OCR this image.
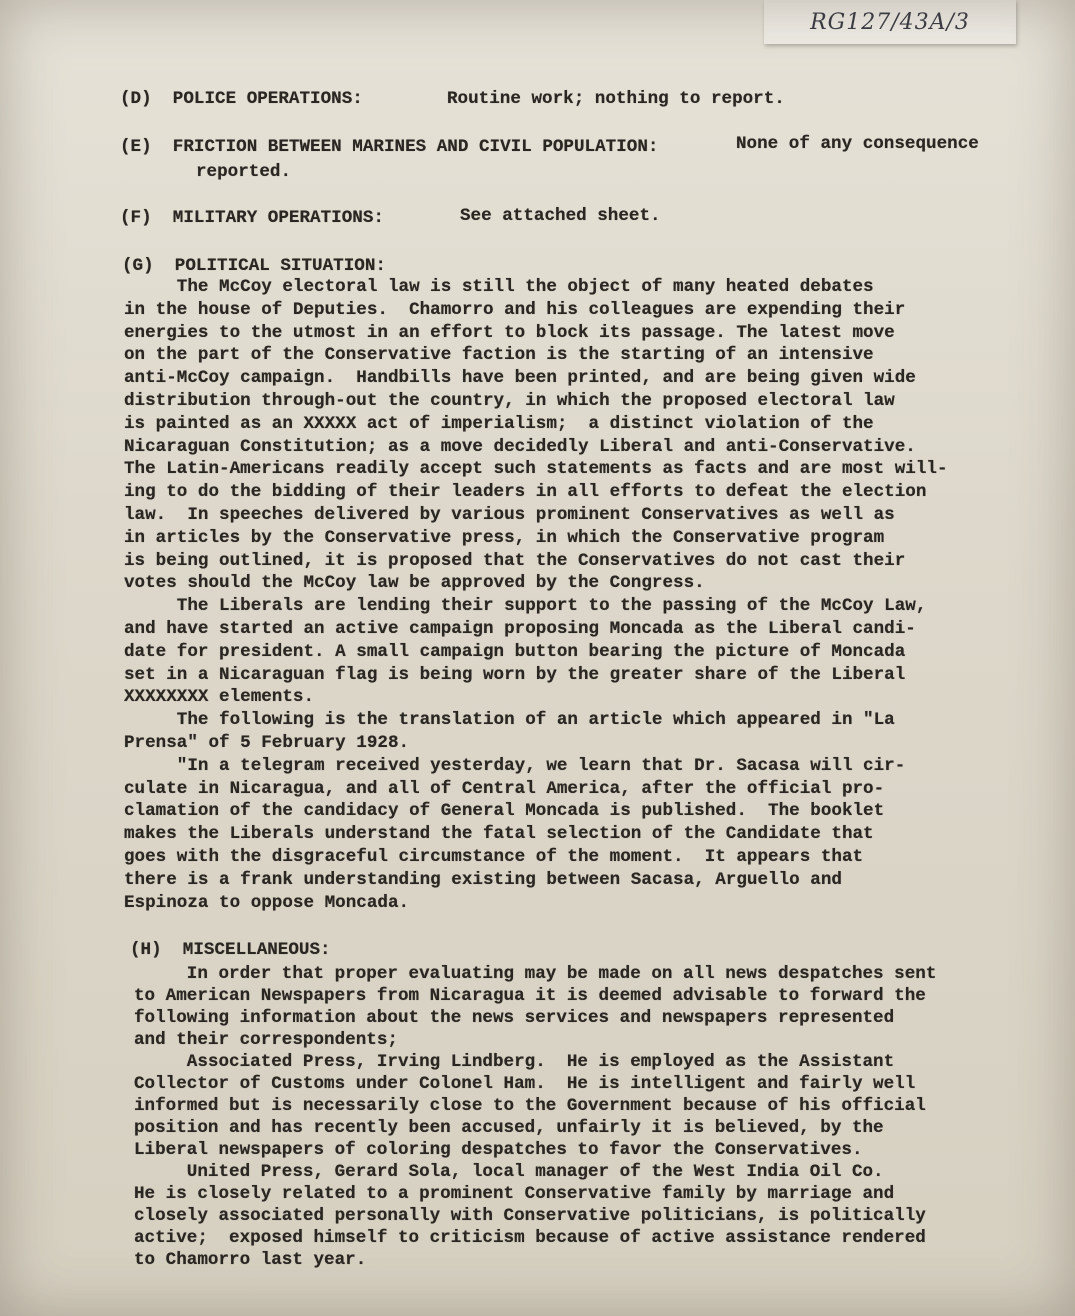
RG127/43A/3
(D)  POLICE OPERATIONS:	Routine work; nothing to report.
(E)  FRICTION BETWEEN MARINES AND CIVIL POPULATION:	None of any consequence
reported.
(F)  MILITARY OPERATIONS:	See attached sheet.
(G)  POLITICAL SITUATION:
The McCoy electoral law is still the object of many heated debates
in the house of Deputies.  Chamorro and his colleagues are expending their
energies to the utmost in an effort to block its passage. The latest move
on the part of the Conservative faction is the starting of an intensive
anti-McCoy campaign.  Handbills have been printed, and are being given wide
distribution through-out the country, in which the proposed electoral law
is painted as an XXXXX act of imperialism;  a distinct violation of the
Nicaraguan Constitution; as a move decidedly Liberal and anti-Conservative.
The Latin-Americans readily accept such statements as facts and are most will-
ing to do the bidding of their leaders in all efforts to defeat the election
law.  In speeches delivered by various prominent Conservatives as well as
in articles by the Conservative press, in which the Conservative program
is being outlined, it is proposed that the Conservatives do not cast their
votes should the McCoy law be approved by the Congress.
The Liberals are lending their support to the passing of the McCoy Law,
and have started an active campaign proposing Moncada as the Liberal candi-
date for president. A small campaign button bearing the picture of Moncada
set in a Nicaraguan flag is being worn by the greater share of the Liberal
XXXXXXXX elements.
The following is the translation of an article which appeared in "La
Prensa" of 5 February 1928.
"In a telegram received yesterday, we learn that Dr. Sacasa will cir-
culate in Nicaragua, and all of Central America, after the official pro-
clamation of the candidacy of General Moncada is published.  The booklet
makes the Liberals understand the fatal selection of the Candidate that
goes with the disgraceful circumstance of the moment.  It appears that
there is a frank understanding existing between Sacasa, Arguello and
Espinoza to oppose Moncada.
(H)  MISCELLANEOUS:
In order that proper evaluating may be made on all news despatches sent
to American Newspapers from Nicaragua it is deemed advisable to forward the
following information about the news services and newspapers represented
and their correspondents;
Associated Press, Irving Lindberg.  He is employed as the Assistant
Collector of Customs under Colonel Ham.  He is intelligent and fairly well
informed but is necessarily close to the Government because of his official
position and has recently been accused, unfairly it is believed, by the
Liberal newspapers of coloring despatches to favor the Conservatives.
United Press, Gerard Sola, local manager of the West India Oil Co.
He is closely related to a prominent Conservative family by marriage and
closely associated personally with Conservative politicians, is politically
active;  exposed himself to criticism because of active assistance rendered
to Chamorro last year.
